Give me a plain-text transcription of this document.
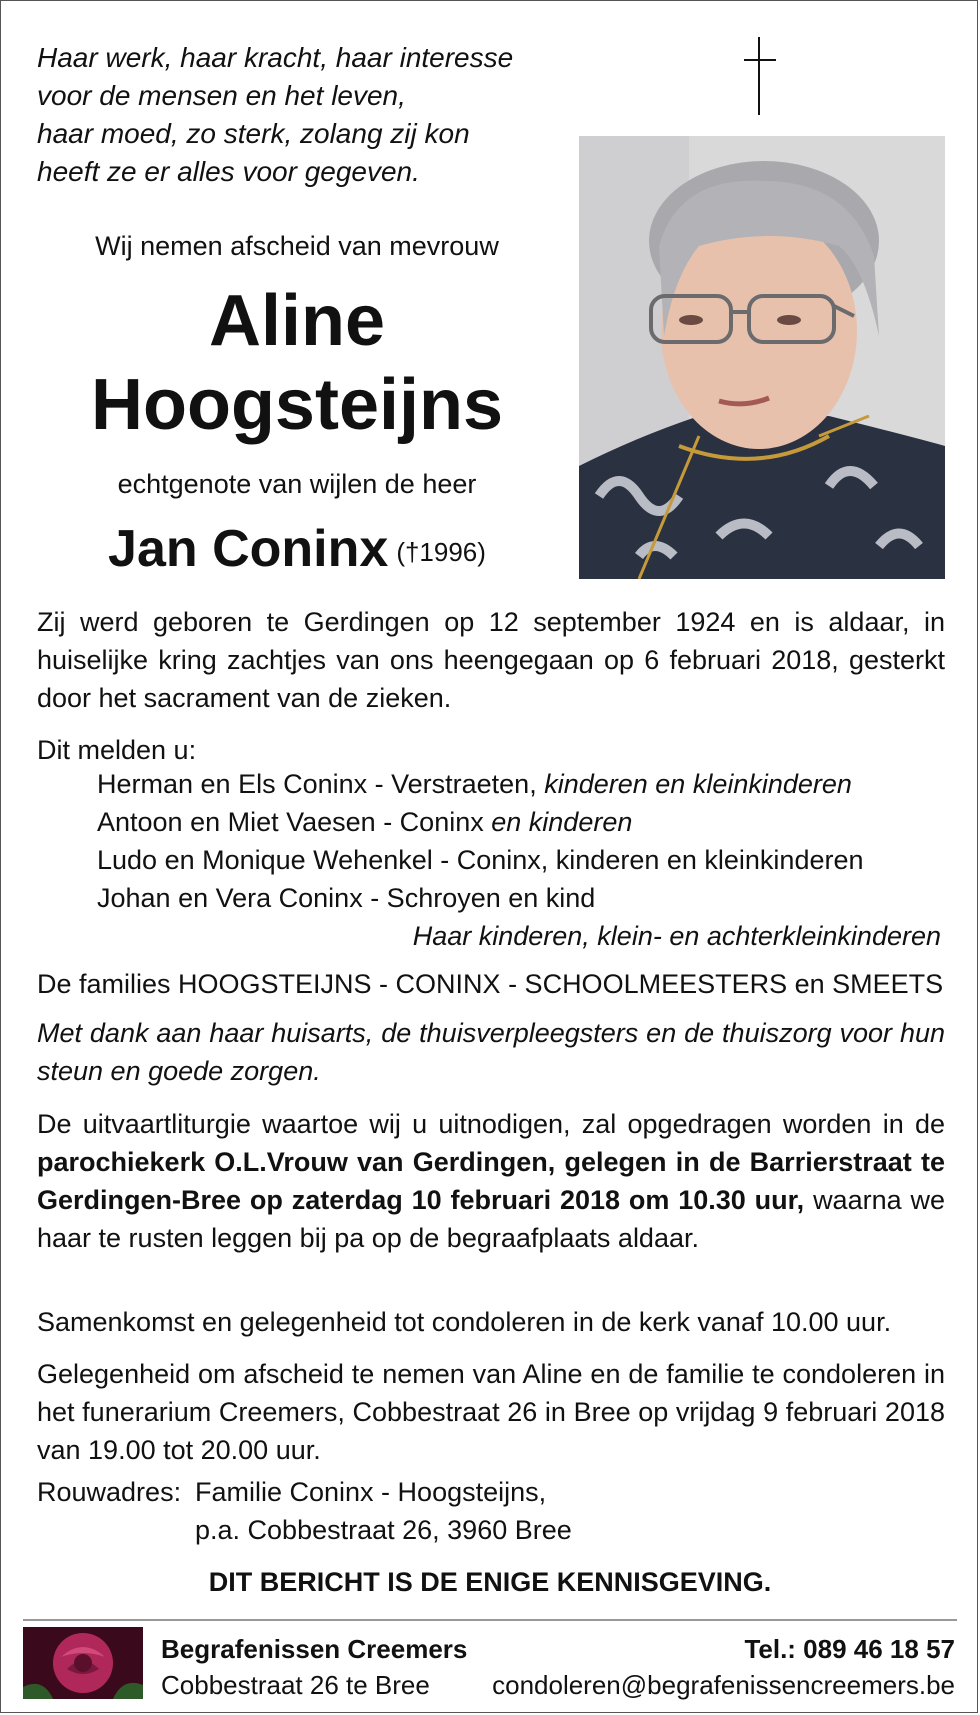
Haar werk, haar kracht, haar interesse
voor de mensen en het leven,
haar moed, zo sterk, zolang zij kon
heeft ze er alles voor gegeven.
Wij nemen afscheid van mevrouw
Aline
Hoogsteijns
echtgenote van wijlen de heer
Jan Coninx (†1996)
Zij werd geboren te Gerdingen op 12 september 1924 en is aldaar, in huiselijke kring zachtjes van ons heengegaan op 6 februari 2018, gesterkt door het sacrament van de zieken.
Dit melden u:
Herman en Els Coninx - Verstraeten, kinderen en kleinkinderen
Antoon en Miet Vaesen - Coninx en kinderen
Ludo en Monique Wehenkel - Coninx, kinderen en kleinkinderen
Johan en Vera Coninx - Schroyen en kind
Haar kinderen, klein- en achterkleinkinderen
De families HOOGSTEIJNS - CONINX - SCHOOLMEESTERS en SMEETS
Met dank aan haar huisarts, de thuisverpleegsters en de thuiszorg voor hun steun en goede zorgen.
De uitvaartliturgie waartoe wij u uitnodigen, zal opgedragen worden in de parochiekerk O.L.Vrouw van Gerdingen, gelegen in de Barrierstraat te Gerdingen-Bree op zaterdag 10 februari 2018 om 10.30 uur, waarna we haar te rusten leggen bij pa op de begraafplaats aldaar.
Samenkomst en gelegenheid tot condoleren in de kerk vanaf 10.00 uur.
Gelegenheid om afscheid te nemen van Aline en de familie te condoleren in het funerarium Creemers, Cobbestraat 26 in Bree op vrijdag 9 februari 2018 van 19.00 tot 20.00 uur.
Rouwadres: Familie Coninx - Hoogsteijns,
p.a. Cobbestraat 26, 3960 Bree
DIT BERICHT IS DE ENIGE KENNISGEVING.
Begrafenissen Creemers
Cobbestraat 26 te Bree
Tel.: 089 46 18 57
condoleren@begrafenissencreemers.be
